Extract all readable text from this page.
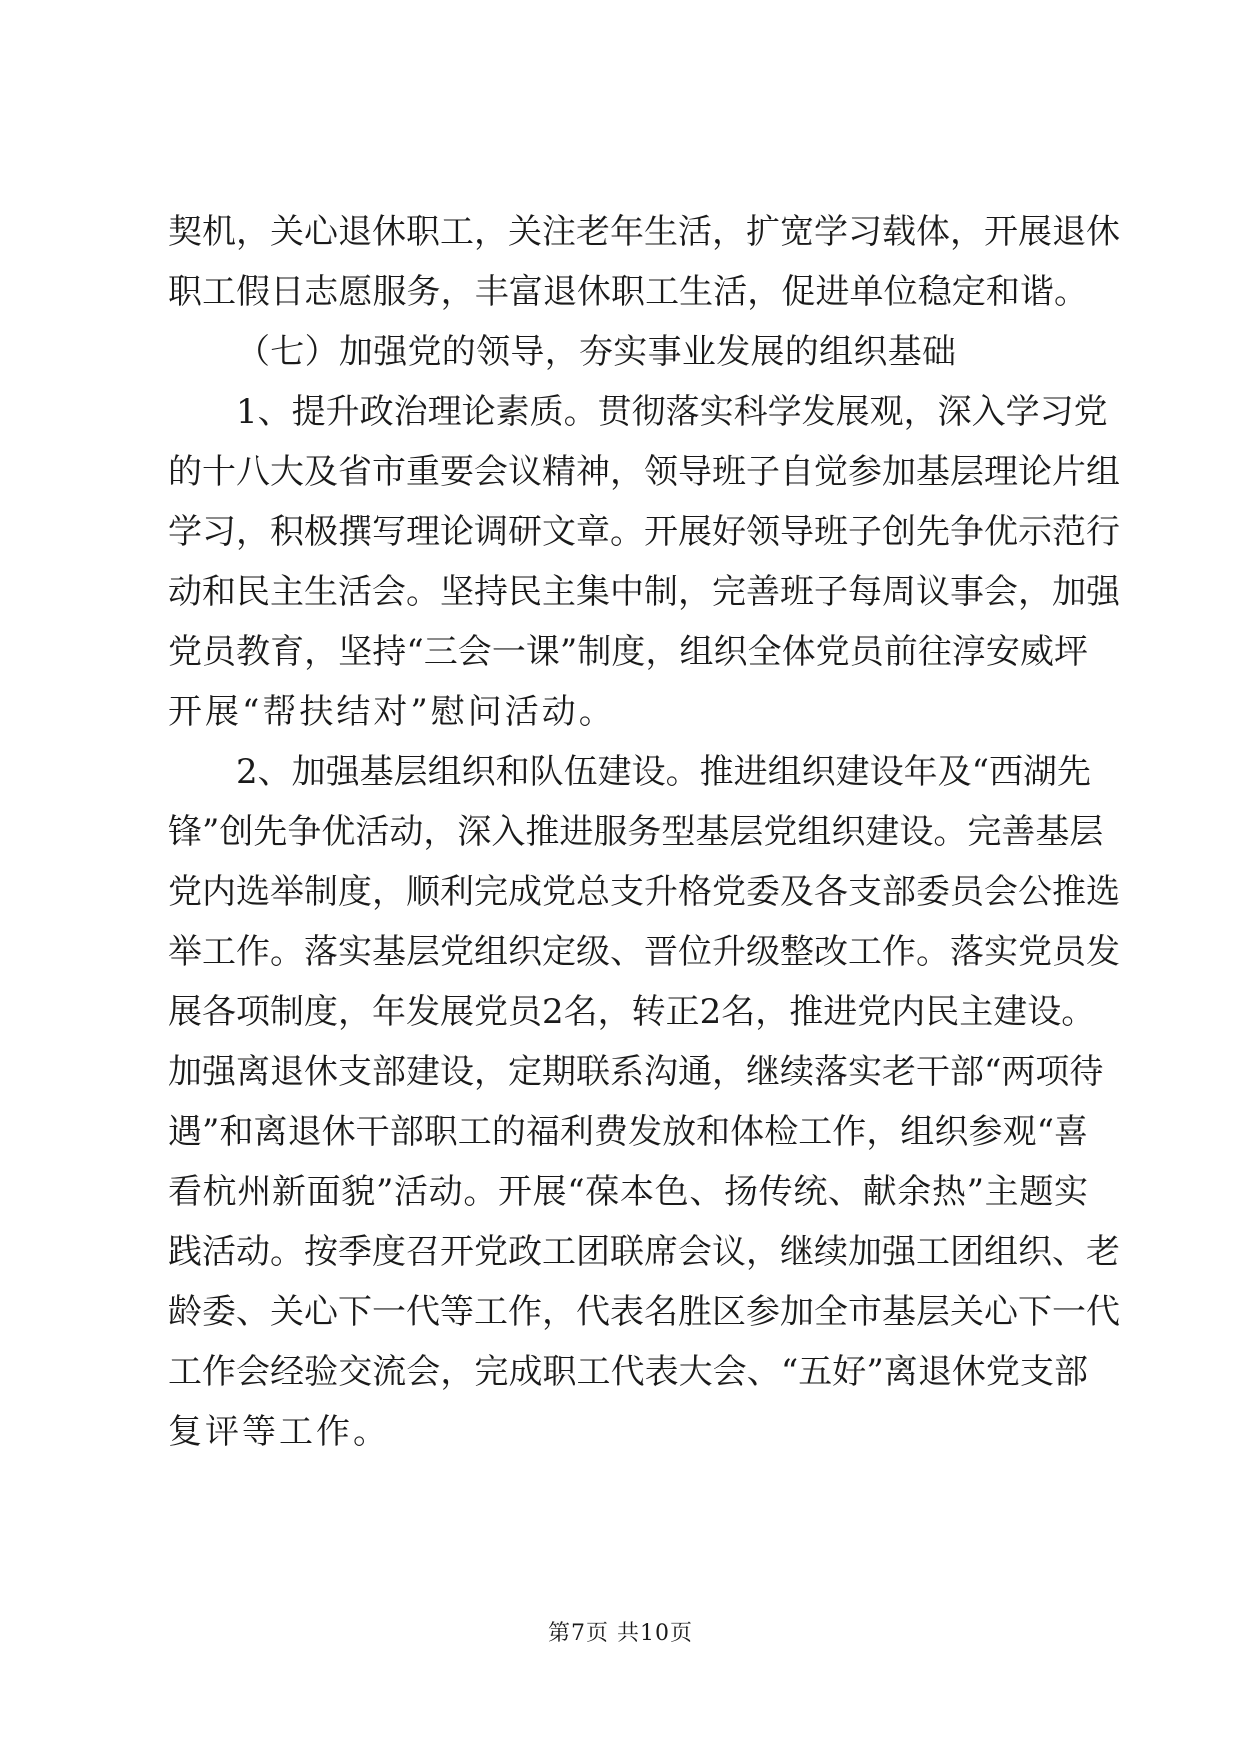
契机，关心退休职工，关注老年生活，扩宽学习载体，开展退休
职工假日志愿服务，丰富退休职工生活，促进单位稳定和谐。
（七）加强党的领导，夯实事业发展的组织基础
1、提升政治理论素质。贯彻落实科学发展观，深入学习党
的十八大及省市重要会议精神，领导班子自觉参加基层理论片组
学习，积极撰写理论调研文章。开展好领导班子创先争优示范行
动和民主生活会。坚持民主集中制，完善班子每周议事会，加强
党员教育，坚持“三会一课”制度，组织全体党员前往淳安威坪
开展“帮扶结对”慰问活动。
2、加强基层组织和队伍建设。推进组织建设年及“西湖先
锋”创先争优活动，深入推进服务型基层党组织建设。完善基层
党内选举制度，顺利完成党总支升格党委及各支部委员会公推选
举工作。落实基层党组织定级、晋位升级整改工作。落实党员发
展各项制度，年发展党员2名，转正2名，推进党内民主建设。
加强离退休支部建设，定期联系沟通，继续落实老干部“两项待
遇”和离退休干部职工的福利费发放和体检工作，组织参观“喜
看杭州新面貌”活动。开展“葆本色、扬传统、献余热”主题实
践活动。按季度召开党政工团联席会议，继续加强工团组织、老
龄委、关心下一代等工作，代表名胜区参加全市基层关心下一代
工作会经验交流会，完成职工代表大会、“五好”离退休党支部
复评等工作。
第7页 共10页
